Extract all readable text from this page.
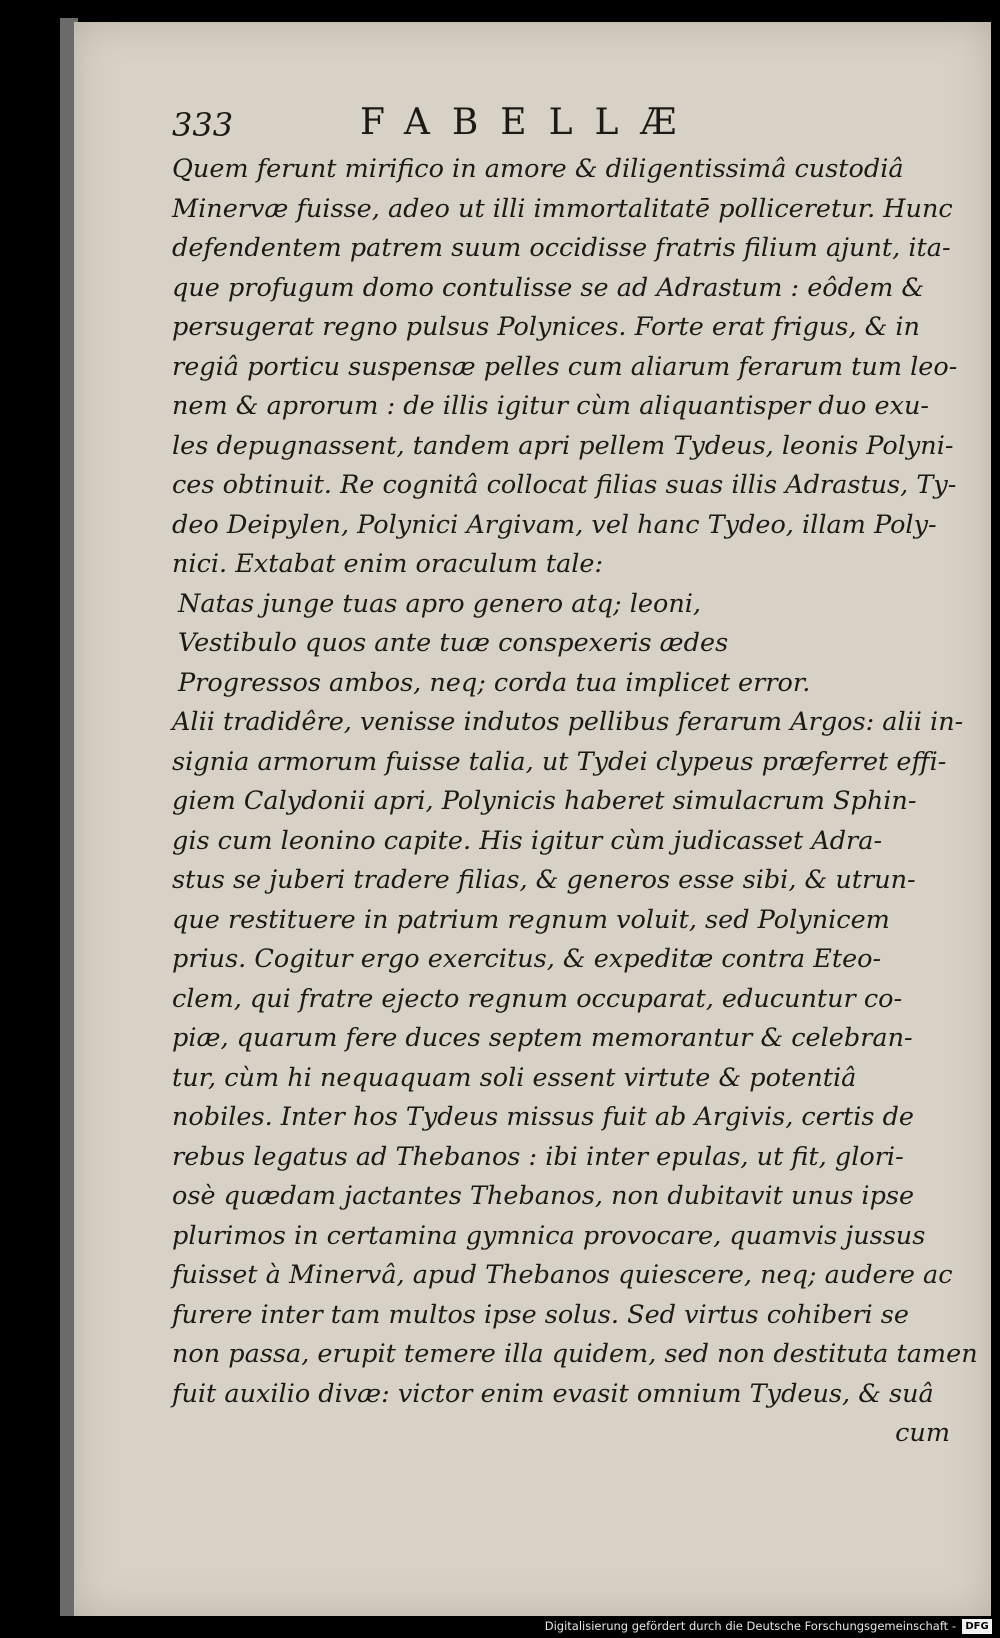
333	FABELLÆ
Quem ferunt mirifico in amore & diligentissimâ custodiâ
Minervæ fuisse, adeo ut illi immortalitatē polliceretur. Hunc
defendentem patrem suum occidisse fratris filium ajunt, ita-
que profugum domo contulisse se ad Adrastum : eôdem &
persugerat regno pulsus Polynices. Forte erat frigus, & in
regiâ porticu suspensæ pelles cum aliarum ferarum tum leo-
nem & aprorum : de illis igitur cùm aliquantisper duo exu-
les depugnassent, tandem apri pellem Tydeus, leonis Polyni-
ces obtinuit. Re cognitâ collocat filias suas illis Adrastus, Ty-
deo Deipylen, Polynici Argivam, vel hanc Tydeo, illam Poly-
nici. Extabat enim oraculum tale:
Natas junge tuas apro genero atq; leoni,
Vestibulo quos ante tuæ conspexeris ædes
Progressos ambos, neq; corda tua implicet error.
Alii tradidêre, venisse indutos pellibus ferarum Argos: alii in-
signia armorum fuisse talia, ut Tydei clypeus præferret effi-
giem Calydonii apri, Polynicis haberet simulacrum Sphin-
gis cum leonino capite. His igitur cùm judicasset Adra-
stus se juberi tradere filias, & generos esse sibi, & utrun-
que restituere in patrium regnum voluit, sed Polynicem
prius. Cogitur ergo exercitus, & expeditæ contra Eteo-
clem, qui fratre ejecto regnum occuparat, educuntur co-
piæ, quarum fere duces septem memorantur & celebran-
tur, cùm hi nequaquam soli essent virtute & potentiâ
nobiles. Inter hos Tydeus missus fuit ab Argivis, certis de
rebus legatus ad Thebanos : ibi inter epulas, ut fit, glori-
osè quædam jactantes Thebanos, non dubitavit unus ipse
plurimos in certamina gymnica provocare, quamvis jussus
fuisset à Minervâ, apud Thebanos quiescere, neq; audere ac
furere inter tam multos ipse solus. Sed virtus cohiberi se
non passa, erupit temere illa quidem, sed non destituta tamen
fuit auxilio divæ: victor enim evasit omnium Tydeus, & suâ
cum
Digitalisierung gefördert durch die Deutsche Forschungsgemeinschaft - DFG
